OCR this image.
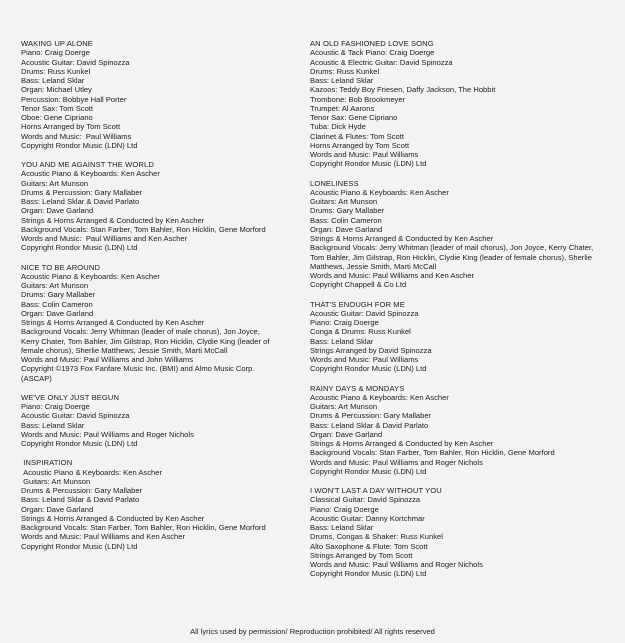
WAKING UP ALONE
Piano: Craig Doerge
Acoustic Guitar: David Spinozza
Drums: Russ Kunkel
Bass: Leland Sklar
Organ: Michael Utley
Percussion: Bobbye Hall Porter
Tenor Sax: Tom Scott
Oboe: Gene Cipriano
Horns Arranged by Tom Scott
Words and Music:  Paul Williams
Copyright Rondor Music (LDN) Ltd
YOU AND ME AGAINST THE WORLD
Acoustic Piano & Keyboards: Ken Ascher
Guitars: Art Munson
Drums & Percussion: Gary Mallaber
Bass: Leland Sklar & David Parlato
Organ: Dave Garland
Strings & Horns Arranged & Conducted by Ken Ascher
Background Vocals: Stan Farber, Tom Bahler, Ron Hicklin, Gene Morford
Words and Music:  Paul Williams and Ken Ascher
Copyright Rondor Music (LDN) Ltd
NICE TO BE AROUND
Acoustic Piano & Keyboards: Ken Ascher
Guitars: Art Munson
Drums: Gary Mallaber
Bass: Colin Cameron
Organ: Dave Garland
Strings & Horns Arranged & Conducted by Ken Ascher
Background Vocals: Jerry Whitman (leader of male chorus), Jon Joyce,
Kerry Chater, Tom Bahler, Jim Gilstrap, Ron Hicklin, Clydie King (leader of
female chorus), Sherlie Matthews, Jessie Smith, Marti McCall
Words and Music: Paul Williams and John Williams
Copyright ©1973 Fox Fanfare Music Inc. (BMI) and Almo Music Corp.
(ASCAP)
WE'VE ONLY JUST BEGUN
Piano: Craig Doerge
Acoustic Guitar: David Spinozza
Bass: Leland Sklar
Words and Music: Paul Williams and Roger Nichols
Copyright Rondor Music (LDN) Ltd
INSPIRATION
Acoustic Piano & Keyboards: Ken Ascher
Guitars: Art Munson
Drums & Percussion: Gary Mallaber
Bass: Leland Sklar & David Parlato
Organ: Dave Garland
Strings & Horns Arranged & Conducted by Ken Ascher
Background Vocals: Stan Farber, Tom Bahler, Ron Hicklin, Gene Morford
Words and Music: Paul Williams and Ken Ascher
Copyright Rondor Music (LDN) Ltd
AN OLD FASHIONED LOVE SONG
Acoustic & Tack Piano: Craig Doerge
Acoustic & Electric Guitar: David Spinozza
Drums: Russ Kunkel
Bass: Leland Sklar
Kazoos: Teddy Boy Friesen, Daffy Jackson, The Hobbit
Trombone: Bob Brookmeyer
Trumpet: Al Aarons
Tenor Sax: Gene Cipriano
Tuba: Dick Hyde
Clarinet & Flutes: Tom Scott
Horns Arranged by Tom Scott
Words and Music: Paul Williams
Copyright Rondor Music (LDN) Ltd
LONELINESS
Acoustic Piano & Keyboards: Ken Ascher
Guitars: Art Munson
Drums: Gary Mallaber
Bass: Colin Cameron
Organ: Dave Garland
Strings & Horns Arranged & Conducted by Ken Ascher
Background Vocals: Jerry Whitman (leader of mail chorus), Jon Joyce, Kerry Chater,
Tom Bahler, Jim Gilstrap, Ron Hicklin, Clydie King (leader of female chorus), Sherlie
Matthews, Jessie Smith, Marti McCall
Words and Music: Paul Williams and Ken Ascher
Copyright Chappell & Co Ltd
THAT'S ENOUGH FOR ME
Acoustic Guitar: David Spinozza
Piano: Craig Doerge
Conga & Drums: Russ Kunkel
Bass: Leland Sklar
Strings Arranged by David Spinozza
Words and Music: Paul Williams
Copyright Rondor Music (LDN) Ltd
RAINY DAYS & MONDAYS
Acoustic Piano & Keyboards: Ken Ascher
Guitars: Art Munson
Drums & Percussion: Gary Mallaber
Bass: Leland Sklar & David Parlato
Organ: Dave Garland
Strings & Horns Arranged & Conducted by Ken Ascher
Background Vocals: Stan Farber, Tom Bahler, Ron Hicklin, Gene Morford
Words and Music: Paul Williams and Roger Nichols
Copyright Rondor Music (LDN) Ltd
I WON'T LAST A DAY WITHOUT YOU
Classical Guitar: David Spinozza
Piano: Craig Doerge
Acoustic Guitar: Danny Kortchmar
Bass: Leland Sklar
Drums, Congas & Shaker: Russ Kunkel
Alto Saxophone & Flute: Tom Scott
Strings Arranged by Tom Scott
Words and Music: Paul Williams and Roger Nichols
Copyright Rondor Music (LDN) Ltd
All lyrics used by permission/ Reproduction prohibited/ All rights reserved
